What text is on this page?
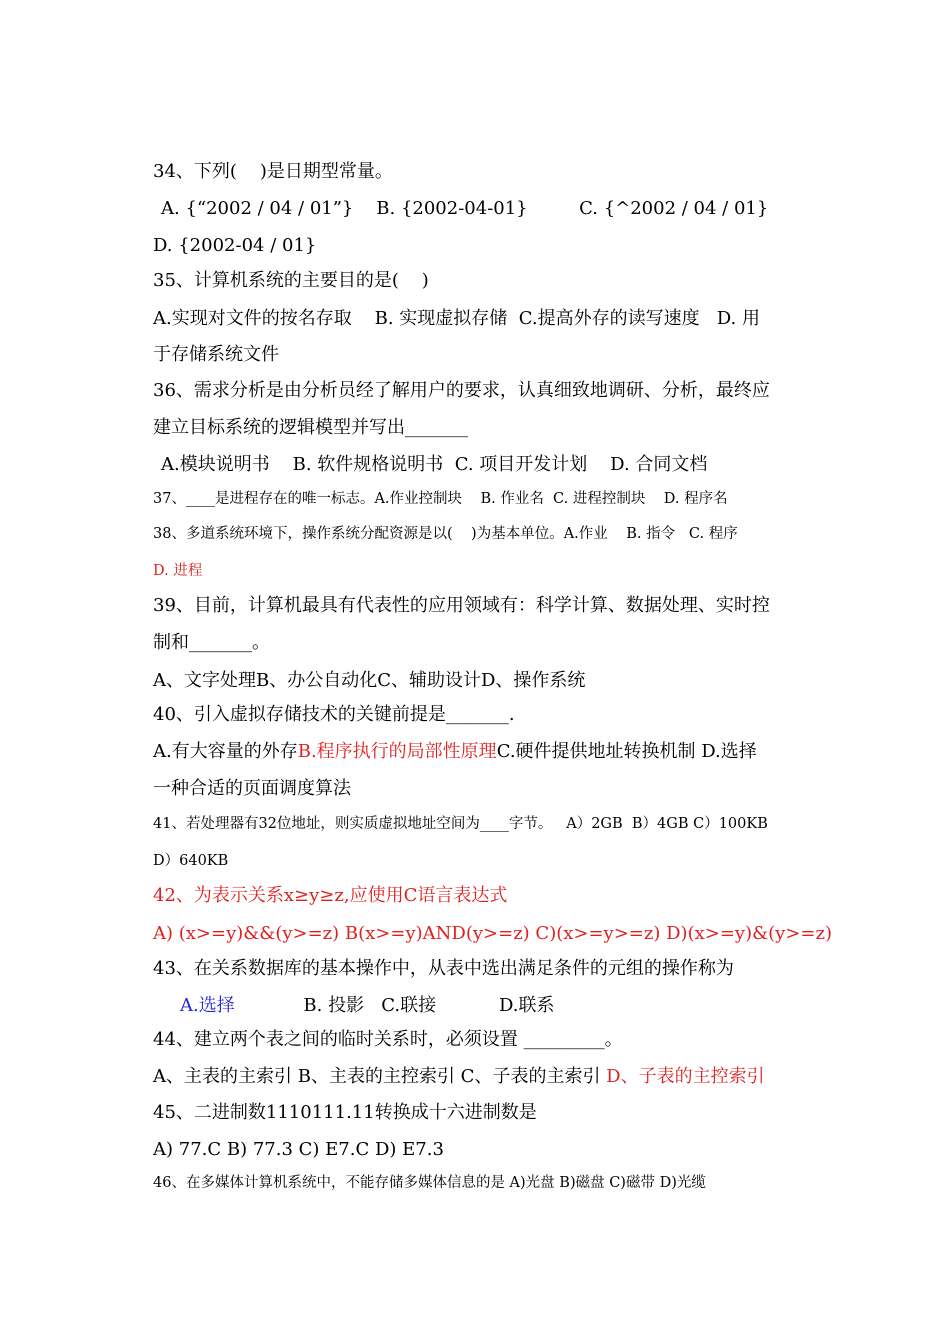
34、下列(    )是日期型常量。
A. {“2002 / 04 / 01”}    B. {2002-04-01}         C. {^2002 / 04 / 01}
D. {2002-04 / 01}
35、计算机系统的主要目的是(    )
A.实现对文件的按名存取    B. 实现虚拟存储  C.提高外存的读写速度   D. 用
于存储系统文件
36、需求分析是由分析员经了解用户的要求，认真细致地调研、分析，最终应
建立目标系统的逻辑模型并写出_______
A.模块说明书    B. 软件规格说明书  C. 项目开发计划    D. 合同文档
37、____是进程存在的唯一标志。A.作业控制块    B. 作业名  C. 进程控制块    D. 程序名
38、多道系统环境下，操作系统分配资源是以(    )为基本单位。A.作业    B. 指令   C. 程序
D. 进程
39、目前，计算机最具有代表性的应用领域有：科学计算、数据处理、实时控
制和_______。
A、文字处理B、办公自动化C、辅助设计D、操作系统
40、引入虚拟存储技术的关键前提是_______.
A.有大容量的外存B.程序执行的局部性原理C.硬件提供地址转换机制 D.选择
一种合适的页面调度算法
41、若处理器有32位地址，则实质虚拟地址空间为____字节。   A）2GB  B）4GB C）100KB
D）640KB
42、为表示关系x≥y≥z,应使用C语言表达式
A) (x>=y)&&(y>=z) B(x>=y)AND(y>=z) C)(x>=y>=z) D)(x>=y)&(y>=z)
43、在关系数据库的基本操作中，从表中选出满足条件的元组的操作称为
A.选择            B. 投影   C.联接           D.联系
44、建立两个表之间的临时关系时，必须设置 _________。
A、主表的主索引 B、主表的主控索引 C、子表的主索引 D、子表的主控索引
45、二进制数1110111.11转换成十六进制数是
A) 77.C B) 77.3 C) E7.C D) E7.3
46、在多媒体计算机系统中，不能存储多媒体信息的是 A)光盘 B)磁盘 C)磁带 D)光缆
